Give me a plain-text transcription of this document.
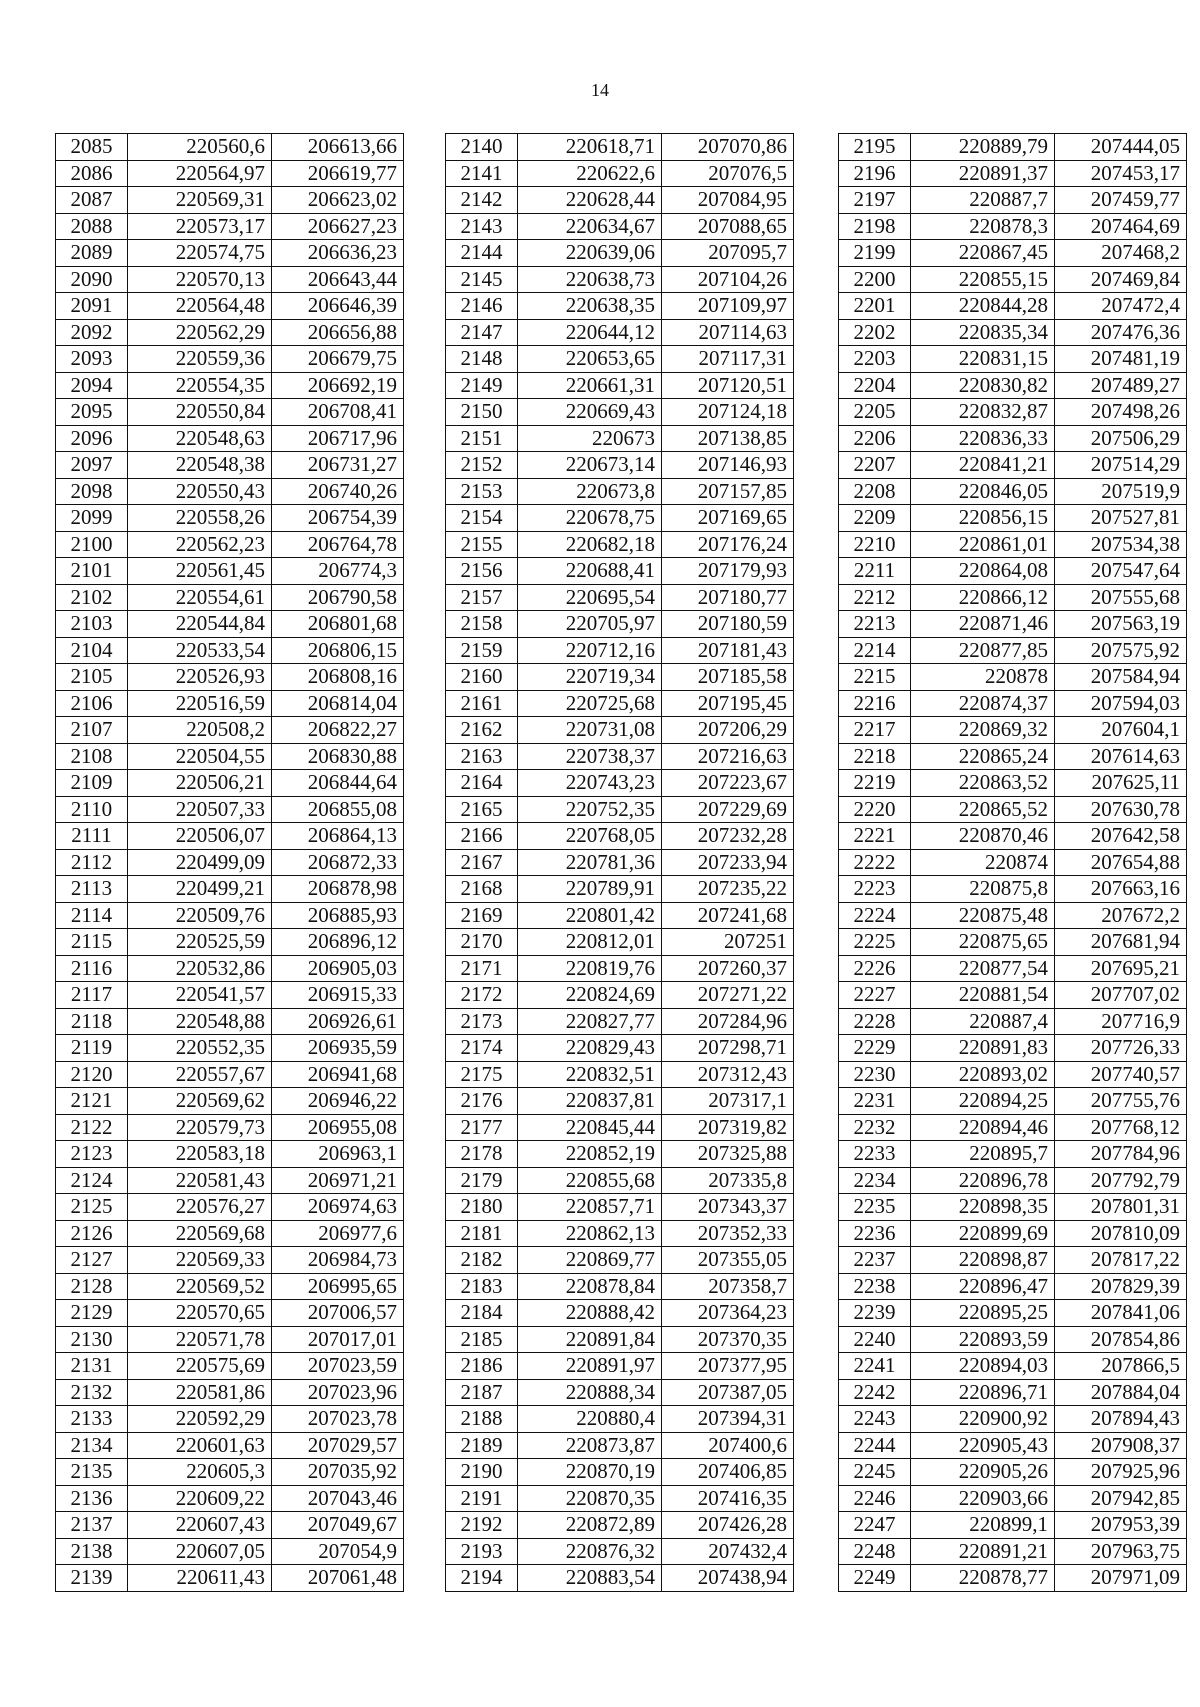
14
2085	220560,6	206613,66
2086	220564,97	206619,77
2087	220569,31	206623,02
2088	220573,17	206627,23
2089	220574,75	206636,23
2090	220570,13	206643,44
2091	220564,48	206646,39
2092	220562,29	206656,88
2093	220559,36	206679,75
2094	220554,35	206692,19
2095	220550,84	206708,41
2096	220548,63	206717,96
2097	220548,38	206731,27
2098	220550,43	206740,26
2099	220558,26	206754,39
2100	220562,23	206764,78
2101	220561,45	206774,3
2102	220554,61	206790,58
2103	220544,84	206801,68
2104	220533,54	206806,15
2105	220526,93	206808,16
2106	220516,59	206814,04
2107	220508,2	206822,27
2108	220504,55	206830,88
2109	220506,21	206844,64
2110	220507,33	206855,08
2111	220506,07	206864,13
2112	220499,09	206872,33
2113	220499,21	206878,98
2114	220509,76	206885,93
2115	220525,59	206896,12
2116	220532,86	206905,03
2117	220541,57	206915,33
2118	220548,88	206926,61
2119	220552,35	206935,59
2120	220557,67	206941,68
2121	220569,62	206946,22
2122	220579,73	206955,08
2123	220583,18	206963,1
2124	220581,43	206971,21
2125	220576,27	206974,63
2126	220569,68	206977,6
2127	220569,33	206984,73
2128	220569,52	206995,65
2129	220570,65	207006,57
2130	220571,78	207017,01
2131	220575,69	207023,59
2132	220581,86	207023,96
2133	220592,29	207023,78
2134	220601,63	207029,57
2135	220605,3	207035,92
2136	220609,22	207043,46
2137	220607,43	207049,67
2138	220607,05	207054,9
2139	220611,43	207061,48
2140	220618,71	207070,86
2141	220622,6	207076,5
2142	220628,44	207084,95
2143	220634,67	207088,65
2144	220639,06	207095,7
2145	220638,73	207104,26
2146	220638,35	207109,97
2147	220644,12	207114,63
2148	220653,65	207117,31
2149	220661,31	207120,51
2150	220669,43	207124,18
2151	220673	207138,85
2152	220673,14	207146,93
2153	220673,8	207157,85
2154	220678,75	207169,65
2155	220682,18	207176,24
2156	220688,41	207179,93
2157	220695,54	207180,77
2158	220705,97	207180,59
2159	220712,16	207181,43
2160	220719,34	207185,58
2161	220725,68	207195,45
2162	220731,08	207206,29
2163	220738,37	207216,63
2164	220743,23	207223,67
2165	220752,35	207229,69
2166	220768,05	207232,28
2167	220781,36	207233,94
2168	220789,91	207235,22
2169	220801,42	207241,68
2170	220812,01	207251
2171	220819,76	207260,37
2172	220824,69	207271,22
2173	220827,77	207284,96
2174	220829,43	207298,71
2175	220832,51	207312,43
2176	220837,81	207317,1
2177	220845,44	207319,82
2178	220852,19	207325,88
2179	220855,68	207335,8
2180	220857,71	207343,37
2181	220862,13	207352,33
2182	220869,77	207355,05
2183	220878,84	207358,7
2184	220888,42	207364,23
2185	220891,84	207370,35
2186	220891,97	207377,95
2187	220888,34	207387,05
2188	220880,4	207394,31
2189	220873,87	207400,6
2190	220870,19	207406,85
2191	220870,35	207416,35
2192	220872,89	207426,28
2193	220876,32	207432,4
2194	220883,54	207438,94
2195	220889,79	207444,05
2196	220891,37	207453,17
2197	220887,7	207459,77
2198	220878,3	207464,69
2199	220867,45	207468,2
2200	220855,15	207469,84
2201	220844,28	207472,4
2202	220835,34	207476,36
2203	220831,15	207481,19
2204	220830,82	207489,27
2205	220832,87	207498,26
2206	220836,33	207506,29
2207	220841,21	207514,29
2208	220846,05	207519,9
2209	220856,15	207527,81
2210	220861,01	207534,38
2211	220864,08	207547,64
2212	220866,12	207555,68
2213	220871,46	207563,19
2214	220877,85	207575,92
2215	220878	207584,94
2216	220874,37	207594,03
2217	220869,32	207604,1
2218	220865,24	207614,63
2219	220863,52	207625,11
2220	220865,52	207630,78
2221	220870,46	207642,58
2222	220874	207654,88
2223	220875,8	207663,16
2224	220875,48	207672,2
2225	220875,65	207681,94
2226	220877,54	207695,21
2227	220881,54	207707,02
2228	220887,4	207716,9
2229	220891,83	207726,33
2230	220893,02	207740,57
2231	220894,25	207755,76
2232	220894,46	207768,12
2233	220895,7	207784,96
2234	220896,78	207792,79
2235	220898,35	207801,31
2236	220899,69	207810,09
2237	220898,87	207817,22
2238	220896,47	207829,39
2239	220895,25	207841,06
2240	220893,59	207854,86
2241	220894,03	207866,5
2242	220896,71	207884,04
2243	220900,92	207894,43
2244	220905,43	207908,37
2245	220905,26	207925,96
2246	220903,66	207942,85
2247	220899,1	207953,39
2248	220891,21	207963,75
2249	220878,77	207971,09
